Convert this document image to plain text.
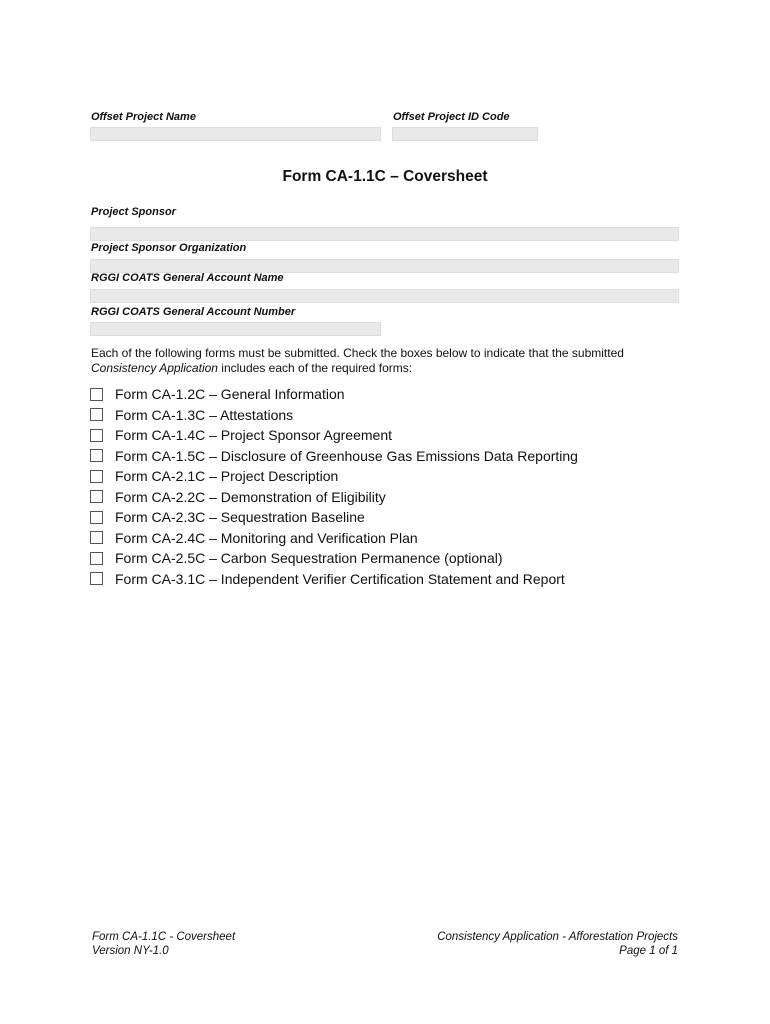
Offset Project Name	Offset Project ID Code
Form CA-1.1C – Coversheet
Project Sponsor
Project Sponsor Organization
RGGI COATS General Account Name
RGGI COATS General Account Number
Each of the following forms must be submitted. Check the boxes below to indicate that the submitted
Consistency Application includes each of the required forms:
Form CA-1.2C – General Information
Form CA-1.3C – Attestations
Form CA-1.4C – Project Sponsor Agreement
Form CA-1.5C – Disclosure of Greenhouse Gas Emissions Data Reporting
Form CA-2.1C – Project Description
Form CA-2.2C – Demonstration of Eligibility
Form CA-2.3C – Sequestration Baseline
Form CA-2.4C – Monitoring and Verification Plan
Form CA-2.5C – Carbon Sequestration Permanence (optional)
Form CA-3.1C – Independent Verifier Certification Statement and Report
Form CA-1.1C - Coversheet
Version NY-1.0
Consistency Application - Afforestation Projects
Page 1 of 1
